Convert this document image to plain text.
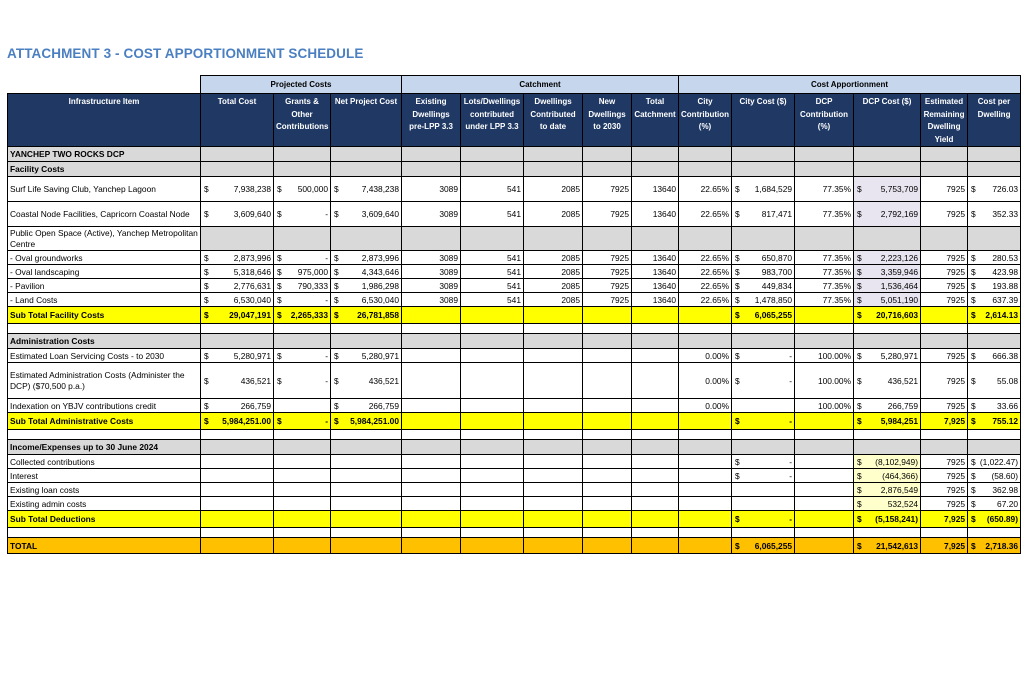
ATTACHMENT 3 - COST APPORTIONMENT SCHEDULE
	Projected Costs			Catchment					Cost Apportionment					
Infrastructure Item	Total Cost	Grants & Other Contributions	Net Project Cost	Existing Dwellings pre-LPP 3.3	Lots/Dwellings contributed under LPP 3.3	Dwellings Contributed to date	New Dwellings to 2030	Total Catchment	City Contribution (%)	City Cost ($)	DCP Contribution (%)	DCP Cost ($)	Estimated Remaining Dwelling Yield	Cost per Dwelling
YANCHEP TWO ROCKS DCP														
Facility Costs														
Surf Life Saving Club, Yanchep Lagoon	$ 7,938,238	$ 500,000	$ 7,438,238	3089	541	2085	7925	13640	22.65%	$ 1,684,529	77.35%	$ 5,753,709	7925	$ 726.03

Coastal Node Facilities, Capricorn Coastal Node	$ 3,609,640	$ -	$ 3,609,640	3089	541	2085	7925	13640	22.65%	$ 817,471	77.35%	$ 2,792,169	7925	$ 352.33

Public Open Space (Active), Yanchep Metropolitan Centre														
- Oval groundworks	$ 2,873,996	$ -	$ 2,873,996	3089	541	2085	7925	13640	22.65%	$ 650,870	77.35%	$ 2,223,126	7925	$ 280.53

- Oval landscaping	$ 5,318,646	$ 975,000	$ 4,343,646	3089	541	2085	7925	13640	22.65%	$ 983,700	77.35%	$ 3,359,946	7925	$ 423.98

- Pavilion	$ 2,776,631	$ 790,333	$ 1,986,298	3089	541	2085	7925	13640	22.65%	$ 449,834	77.35%	$ 1,536,464	7925	$ 193.88

- Land Costs	$ 6,530,040	$ -	$ 6,530,040	3089	541	2085	7925	13640	22.65%	$ 1,478,850	77.35%	$ 5,051,190	7925	$ 637.39

Sub Total Facility Costs	$ 29,047,191	$ 2,265,333	$ 26,781,858							$ 6,065,255		$ 20,716,603		$ 2,614.13

Administration Costs														
Estimated Loan Servicing Costs - to 2030	$ 5,280,971	$ -	$ 5,280,971						0.00%	$ -	100.00%	$ 5,280,971	7925	$ 666.38

Estimated Administration Costs (Administer the DCP) ($70,500 p.a.)	$ 436,521	$ -	$ 436,521						0.00%	$ -	100.00%	$ 436,521	7925	$ 55.08

Indexation on YBJV contributions credit	$ 266,759		$ 266,759						0.00%		100.00%	$ 266,759	7925	$ 33.66

Sub Total Administrative Costs	$ 5,984,251.00	$ -	$ 5,984,251.00							$ -		$ 5,984,251	7,925	$ 755.12

Income/Expenses up to 30 June 2024														
Collected contributions										$ -		$ (8,102,949)	7925	$ (1,022.47)

Interest										$ -		$ (464,366)	7925	$ (58.60)

Existing loan costs												$ 2,876,549	7925	$ 362.98

Existing admin costs												$ 532,524	7925	$ 67.20

Sub Total Deductions										$ -		$ (5,158,241)	7,925	$ (650.89)

TOTAL										$ 6,065,255		$ 21,542,613	7,925	$ 2,718.36
